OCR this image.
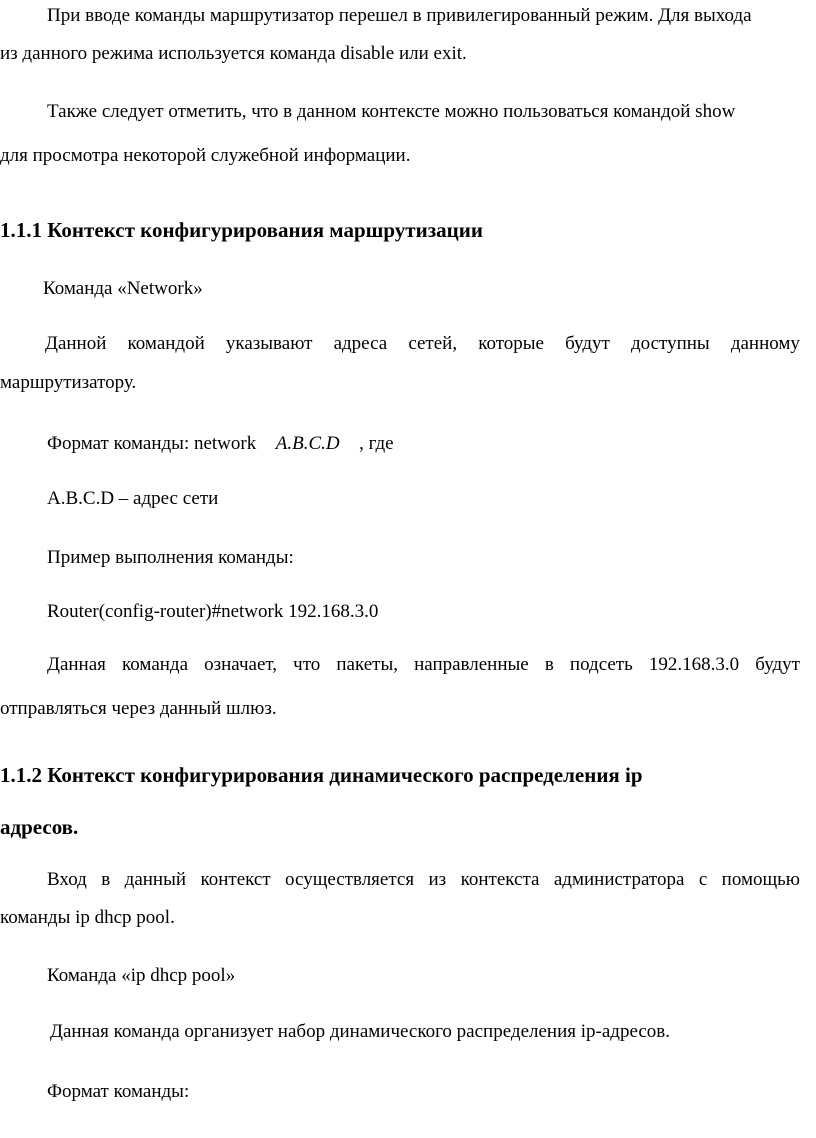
При вводе команды маршрутизатор перешел в привилегированный режим. Для выхода
из данного режима используется команда disable или exit.
Также следует отметить, что в данном контексте можно пользоваться командой show
для просмотра некоторой служебной информации.
1.1.1 Контекст конфигурирования маршрутизации
Команда «Network»
Данной командой указывают адреса сетей, которые будут доступны данному
маршрутизатору.
Формат команды: network A.B.C.D , где
A.B.C.D – адрес сети
Пример выполнения команды:
Router(config-router)#network 192.168.3.0
Данная команда означает, что пакеты, направленные в подсеть 192.168.3.0 будут
отправляться через данный шлюз.
1.1.2 Контекст конфигурирования динамического распределения ip
адресов.
Вход в данный контекст осуществляется из контекста администратора с помощью
команды ip dhcp pool.
Команда «ip dhcp pool»
Данная команда организует набор динамического распределения ip-адресов.
Формат команды:
